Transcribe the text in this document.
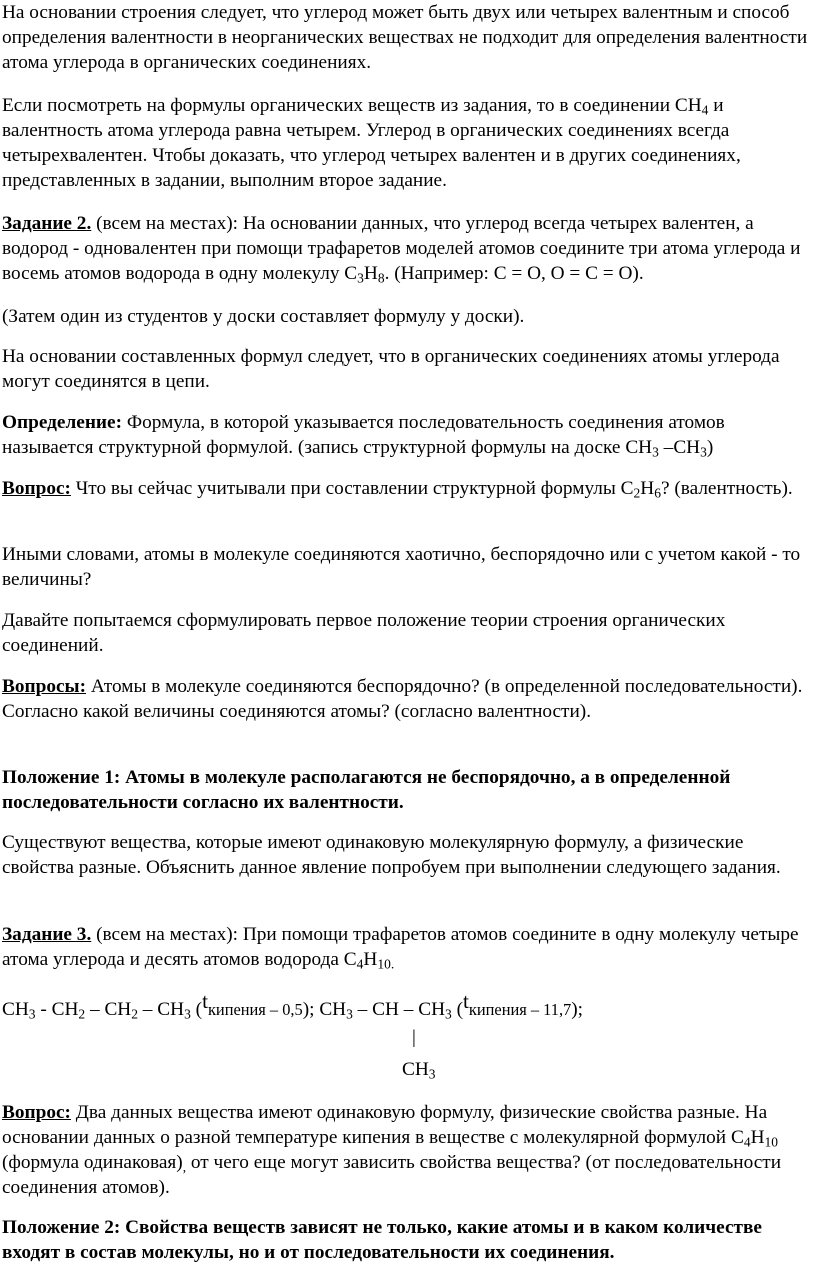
На основании строения следует, что углерод может быть двух или четырех валентным и способ определения валентности в неорганических веществах не подходит для определения валентности атома углерода в органических соединениях.

Если посмотреть на формулы органических веществ из задания, то в соединении $СН_4$ и валентность атома углерода равна четырем. Углерод в органических соединениях всегда четырехвалентен. Чтобы доказать, что углерод четырех валентен и в других соединениях, представленных в задании, выполним второе задание.

Задание 2. (всем на местах): На основании данных, что углерод всегда четырех валентен, а водород - одновалентен при помощи трафаретов моделей атомов соедините три атома углерода и восемь атомов водорода в одну молекулу $С_3Н_8$. (Например: С = О, О = С = О).

(Затем один из студентов у доски составляет формулу у доски).

На основании составленных формул следует, что в органических соединениях атомы углерода могут соединятся в цепи.

Определение: Формула, в которой указывается последовательность соединения атомов называется структурной формулой. (запись структурной формулы на доске $СН_3$ $-СН_3$)

Вопрос: Что вы сейчас учитывали при составлении структурной формулы $С_2Н_6$? (валентность).

Иными словами, атомы в молекуле соединяются хаотично, беспорядочно или с учетом какой - то величины?

Давайте попытаемся сформулировать первое положение теории строения органических соединений.

Вопросы: Атомы в молекуле соединяются беспорядочно? (в определенной последовательности). Согласно какой величины соединяются атомы? (согласно валентности).

Положение 1: Атомы в молекуле располагаются не беспорядочно, а в определенной последовательности согласно их валентности.

Существуют вещества, которые имеют одинаковую молекулярную формулу, а физические свойства разные. Объяснить данное явление попробуем при выполнении следующего задания.

Задание 3. (всем на местах): При помощи трафаретов атомов соедините в одну молекулу четыре атома углерода и десять атомов водорода $С_4Н_{10.}$

$СН_3 - СН_2 - СН_2 - СН_3$ (tкипения – 0,5); $СН_3$ – СН – $СН_3$ (tкипения – 11,7);

|
$СН_3$

Вопрос: Два данных вещества имеют одинаковую формулу, физические свойства разные. На основании данных о разной температуре кипения в веществе с молекулярной формулой $С_4Н_{10}$ (формула $одинаковая)_,$ от чего еще могут зависить свойства вещества? (от последовательности соединения атомов).

Положение 2: Свойства веществ зависят не только, какие атомы и в каком количестве входят в состав молекулы, но и от последовательности их соединения.
